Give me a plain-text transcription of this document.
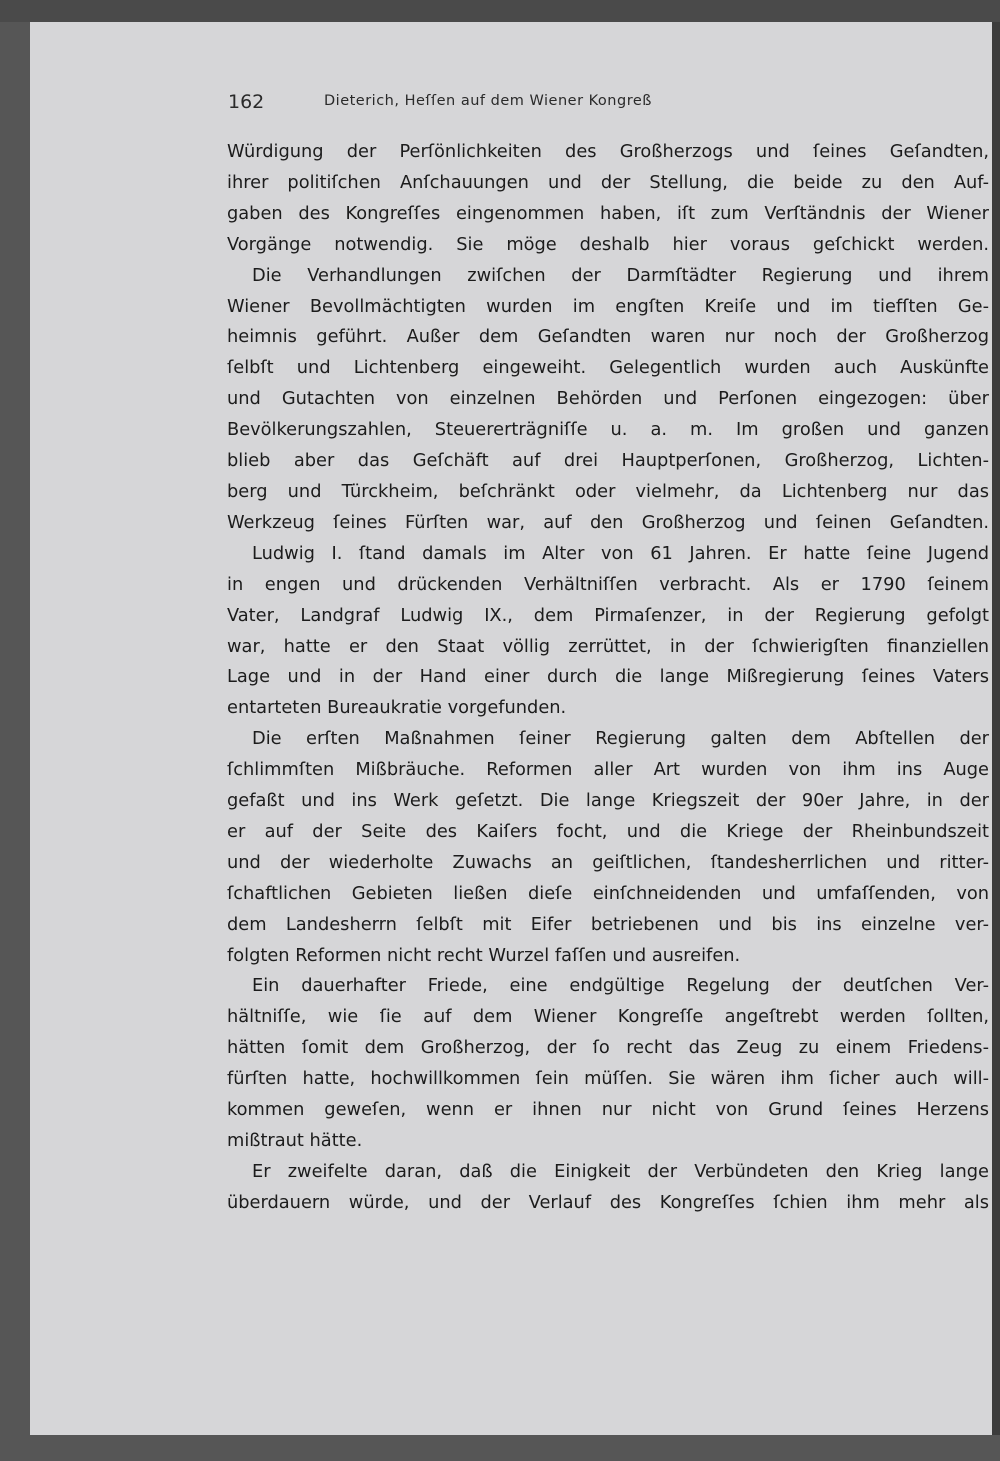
162	Dieterich, Heſſen auf dem Wiener Kongreß
Würdigung der Perſönlichkeiten des Großherzogs und ſeines Geſandten,
ihrer politiſchen Anſchauungen und der Stellung, die beide zu den Auf-
gaben des Kongreſſes eingenommen haben, iſt zum Verſtändnis der Wiener
Vorgänge notwendig. Sie möge deshalb hier voraus geſchickt werden.
Die Verhandlungen zwiſchen der Darmſtädter Regierung und ihrem
Wiener Bevollmächtigten wurden im engſten Kreiſe und im tiefſten Ge-
heimnis geführt. Außer dem Geſandten waren nur noch der Großherzog
ſelbſt und Lichtenberg eingeweiht. Gelegentlich wurden auch Auskünfte
und Gutachten von einzelnen Behörden und Perſonen eingezogen: über
Bevölkerungszahlen, Steuererträgniſſe u. a. m. Im großen und ganzen
blieb aber das Geſchäft auf drei Hauptperſonen, Großherzog, Lichten-
berg und Türckheim, beſchränkt oder vielmehr, da Lichtenberg nur das
Werkzeug ſeines Fürſten war, auf den Großherzog und ſeinen Geſandten.
Ludwig I. ſtand damals im Alter von 61 Jahren. Er hatte ſeine Jugend
in engen und drückenden Verhältniſſen verbracht. Als er 1790 ſeinem
Vater, Landgraf Ludwig IX., dem Pirmaſenzer, in der Regierung gefolgt
war, hatte er den Staat völlig zerrüttet, in der ſchwierigſten finanziellen
Lage und in der Hand einer durch die lange Mißregierung ſeines Vaters
entarteten Bureaukratie vorgefunden.
Die erſten Maßnahmen ſeiner Regierung galten dem Abſtellen der
ſchlimmſten Mißbräuche. Reformen aller Art wurden von ihm ins Auge
gefaßt und ins Werk geſetzt. Die lange Kriegszeit der 90er Jahre, in der
er auf der Seite des Kaiſers focht, und die Kriege der Rheinbundszeit
und der wiederholte Zuwachs an geiſtlichen, ſtandesherrlichen und ritter-
ſchaftlichen Gebieten ließen dieſe einſchneidenden und umfaſſenden, von
dem Landesherrn ſelbſt mit Eifer betriebenen und bis ins einzelne ver-
folgten Reformen nicht recht Wurzel faſſen und ausreifen.
Ein dauerhafter Friede, eine endgültige Regelung der deutſchen Ver-
hältniſſe, wie ſie auf dem Wiener Kongreſſe angeſtrebt werden ſollten,
hätten ſomit dem Großherzog, der ſo recht das Zeug zu einem Friedens-
fürſten hatte, hochwillkommen ſein müſſen. Sie wären ihm ſicher auch will-
kommen geweſen, wenn er ihnen nur nicht von Grund ſeines Herzens
mißtraut hätte.
Er zweifelte daran, daß die Einigkeit der Verbündeten den Krieg lange
überdauern würde, und der Verlauf des Kongreſſes ſchien ihm mehr als
